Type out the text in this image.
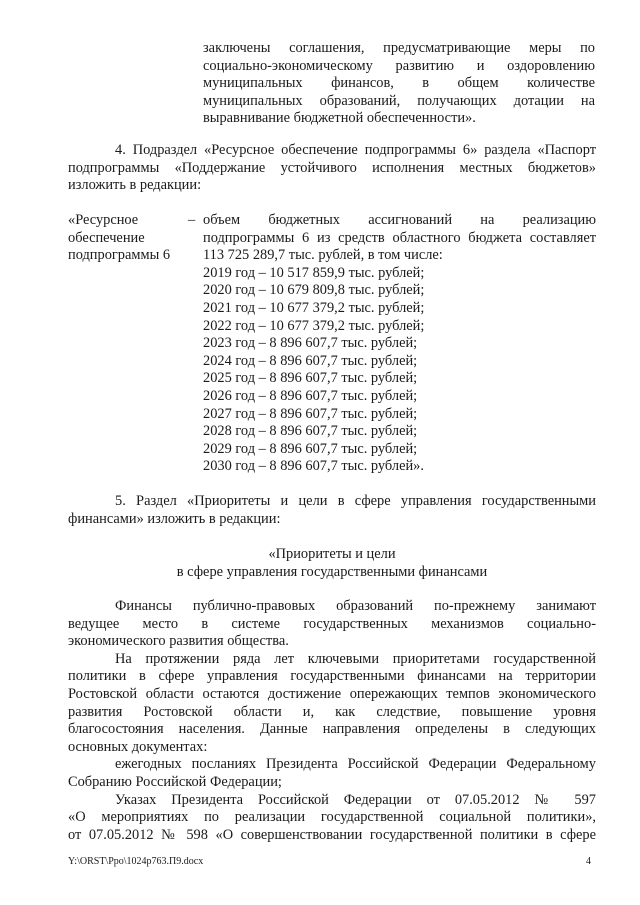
заключены соглашения, предусматривающие меры по
социально-экономическому развитию и оздоровлению
муниципальных финансов, в общем количестве
муниципальных образований, получающих дотации на
выравнивание бюджетной обеспеченности».
4. Подраздел «Ресурсное обеспечение подпрограммы 6» раздела «Паспорт
подпрограммы «Поддержание устойчивого исполнения местных бюджетов»
изложить в редакции:
«Ресурсное
обеспечение
подпрограммы 6
– объем бюджетных ассигнований на реализацию
подпрограммы 6 из средств областного бюджета составляет
113 725 289,7 тыс. рублей, в том числе:
2019 год – 10 517 859,9 тыс. рублей;
2020 год – 10 679 809,8 тыс. рублей;
2021 год – 10 677 379,2 тыс. рублей;
2022 год – 10 677 379,2 тыс. рублей;
2023 год – 8 896 607,7 тыс. рублей;
2024 год – 8 896 607,7 тыс. рублей;
2025 год – 8 896 607,7 тыс. рублей;
2026 год – 8 896 607,7 тыс. рублей;
2027 год – 8 896 607,7 тыс. рублей;
2028 год – 8 896 607,7 тыс. рублей;
2029 год – 8 896 607,7 тыс. рублей;
2030 год – 8 896 607,7 тыс. рублей».
5. Раздел «Приоритеты и цели в сфере управления государственными
финансами» изложить в редакции:
«Приоритеты и цели
в сфере управления государственными финансами
Финансы публично-правовых образований по-прежнему занимают
ведущее место в системе государственных механизмов социально-
экономического развития общества.
На протяжении ряда лет ключевыми приоритетами государственной
политики в сфере управления государственными финансами на территории
Ростовской области остаются достижение опережающих темпов экономического
развития Ростовской области и, как следствие, повышение уровня
благосостояния населения. Данные направления определены в следующих
основных документах:
ежегодных посланиях Президента Российской Федерации Федеральному
Собранию Российской Федерации;
Указах Президента Российской Федерации от 07.05.2012 № 597
«О мероприятиях по реализации государственной социальной политики»,
от 07.05.2012 № 598 «О совершенствовании государственной политики в сфере
Y:\ORST\Ppo\1024p763.П9.docx	4
